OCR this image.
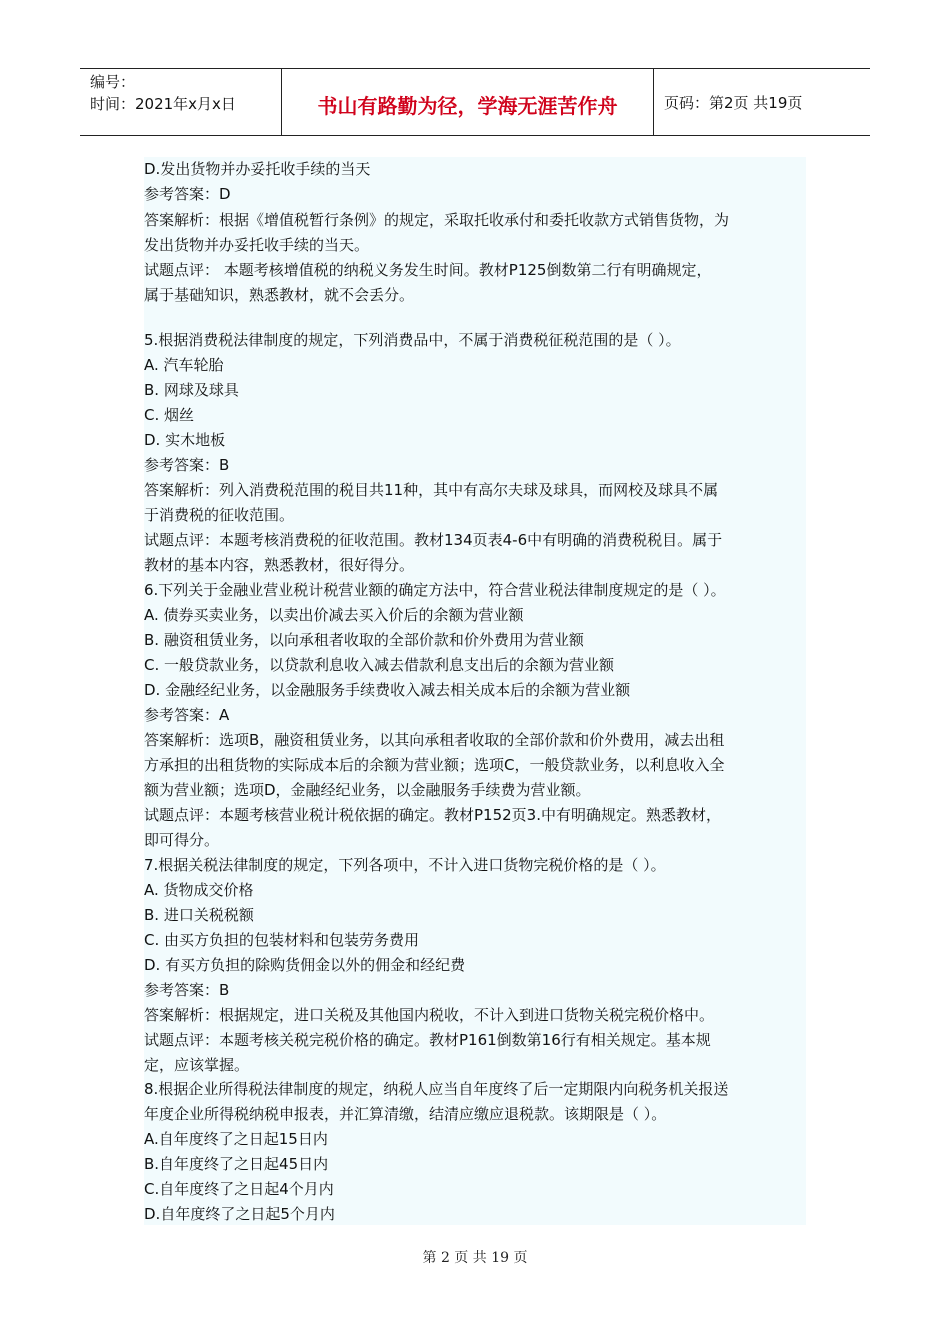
编号：
时间：2021年x月x日	书山有路勤为径，学海无涯苦作舟	页码：第2页 共19页
D.发出货物并办妥托收手续的当天
参考答案：D
答案解析：根据《增值税暂行条例》的规定，采取托收承付和委托收款方式销售货物，为
发出货物并办妥托收手续的当天。
试题点评： 本题考核增值税的纳税义务发生时间。教材P125倒数第二行有明确规定，
属于基础知识，熟悉教材，就不会丢分。
5.根据消费税法律制度的规定，下列消费品中，不属于消费税征税范围的是（ ）。
A. 汽车轮胎
B. 网球及球具
C. 烟丝
D. 实木地板
参考答案：B
答案解析：列入消费税范围的税目共11种，其中有高尔夫球及球具，而网校及球具不属
于消费税的征收范围。
试题点评：本题考核消费税的征收范围。教材134页表4-6中有明确的消费税税目。属于
教材的基本内容，熟悉教材，很好得分。
6.下列关于金融业营业税计税营业额的确定方法中，符合营业税法律制度规定的是（ ）。
A. 债券买卖业务，以卖出价减去买入价后的余额为营业额
B. 融资租赁业务，以向承租者收取的全部价款和价外费用为营业额
C. 一般贷款业务，以贷款利息收入减去借款利息支出后的余额为营业额
D. 金融经纪业务，以金融服务手续费收入减去相关成本后的余额为营业额
参考答案：A
答案解析：选项B，融资租赁业务，以其向承租者收取的全部价款和价外费用，减去出租
方承担的出租货物的实际成本后的余额为营业额；选项C，一般贷款业务，以利息收入全
额为营业额；选项D，金融经纪业务，以金融服务手续费为营业额。
试题点评：本题考核营业税计税依据的确定。教材P152页3.中有明确规定。熟悉教材，
即可得分。
7.根据关税法律制度的规定，下列各项中，不计入进口货物完税价格的是（ ）。
A. 货物成交价格
B. 进口关税税额
C. 由买方负担的包装材料和包装劳务费用
D. 有买方负担的除购货佣金以外的佣金和经纪费
参考答案：B
答案解析：根据规定，进口关税及其他国内税收，不计入到进口货物关税完税价格中。
试题点评：本题考核关税完税价格的确定。教材P161倒数第16行有相关规定。基本规
定，应该掌握。
8.根据企业所得税法律制度的规定，纳税人应当自年度终了后一定期限内向税务机关报送
年度企业所得税纳税申报表，并汇算清缴，结清应缴应退税款。该期限是（ ）。
A.自年度终了之日起15日内
B.自年度终了之日起45日内
C.自年度终了之日起4个月内
D.自年度终了之日起5个月内
第 2 页 共 19 页
